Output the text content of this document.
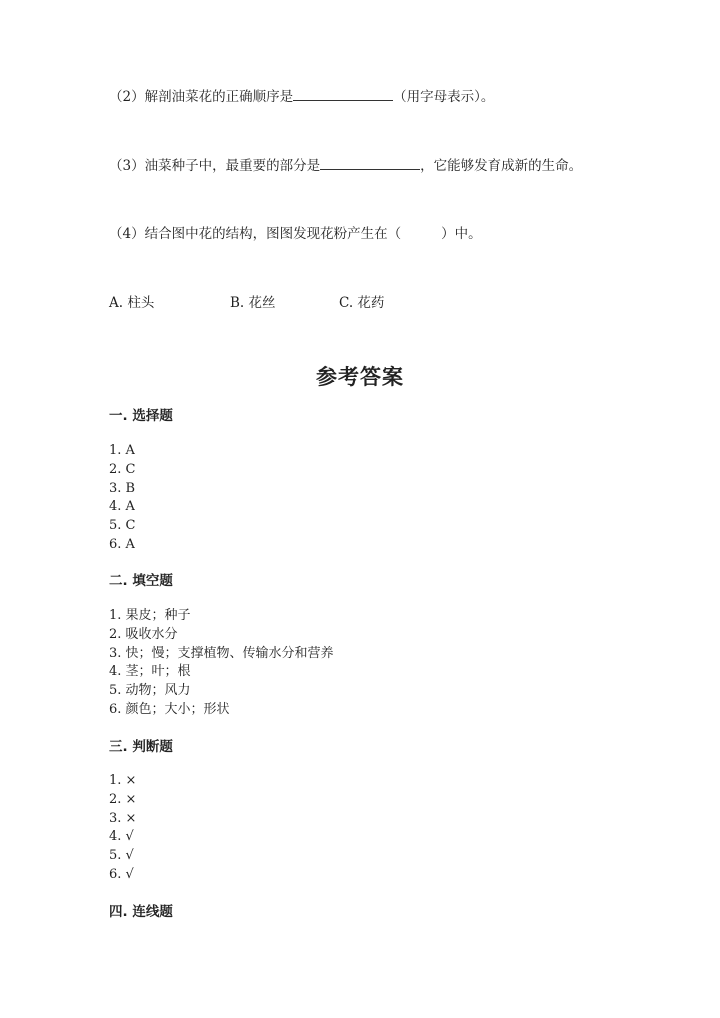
（2）解剖油菜花的正确顺序是	（用字母表示）。
（3）油菜种子中，最重要的部分是	，它能够发育成新的生命。
（4）结合图中花的结构，图图发现花粉产生在（	）中。
A. 柱头	B. 花丝	C. 花药
参考答案
一. 选择题
1. A
2. C
3. B
4. A
5. C
6. A
二. 填空题
1. 果皮；种子
2. 吸收水分
3. 快；慢；支撑植物、传输水分和营养
4. 茎；叶；根
5. 动物；风力
6. 颜色；大小；形状
三. 判断题
1. ×
2. ×
3. ×
4. √
5. √
6. √
四. 连线题
